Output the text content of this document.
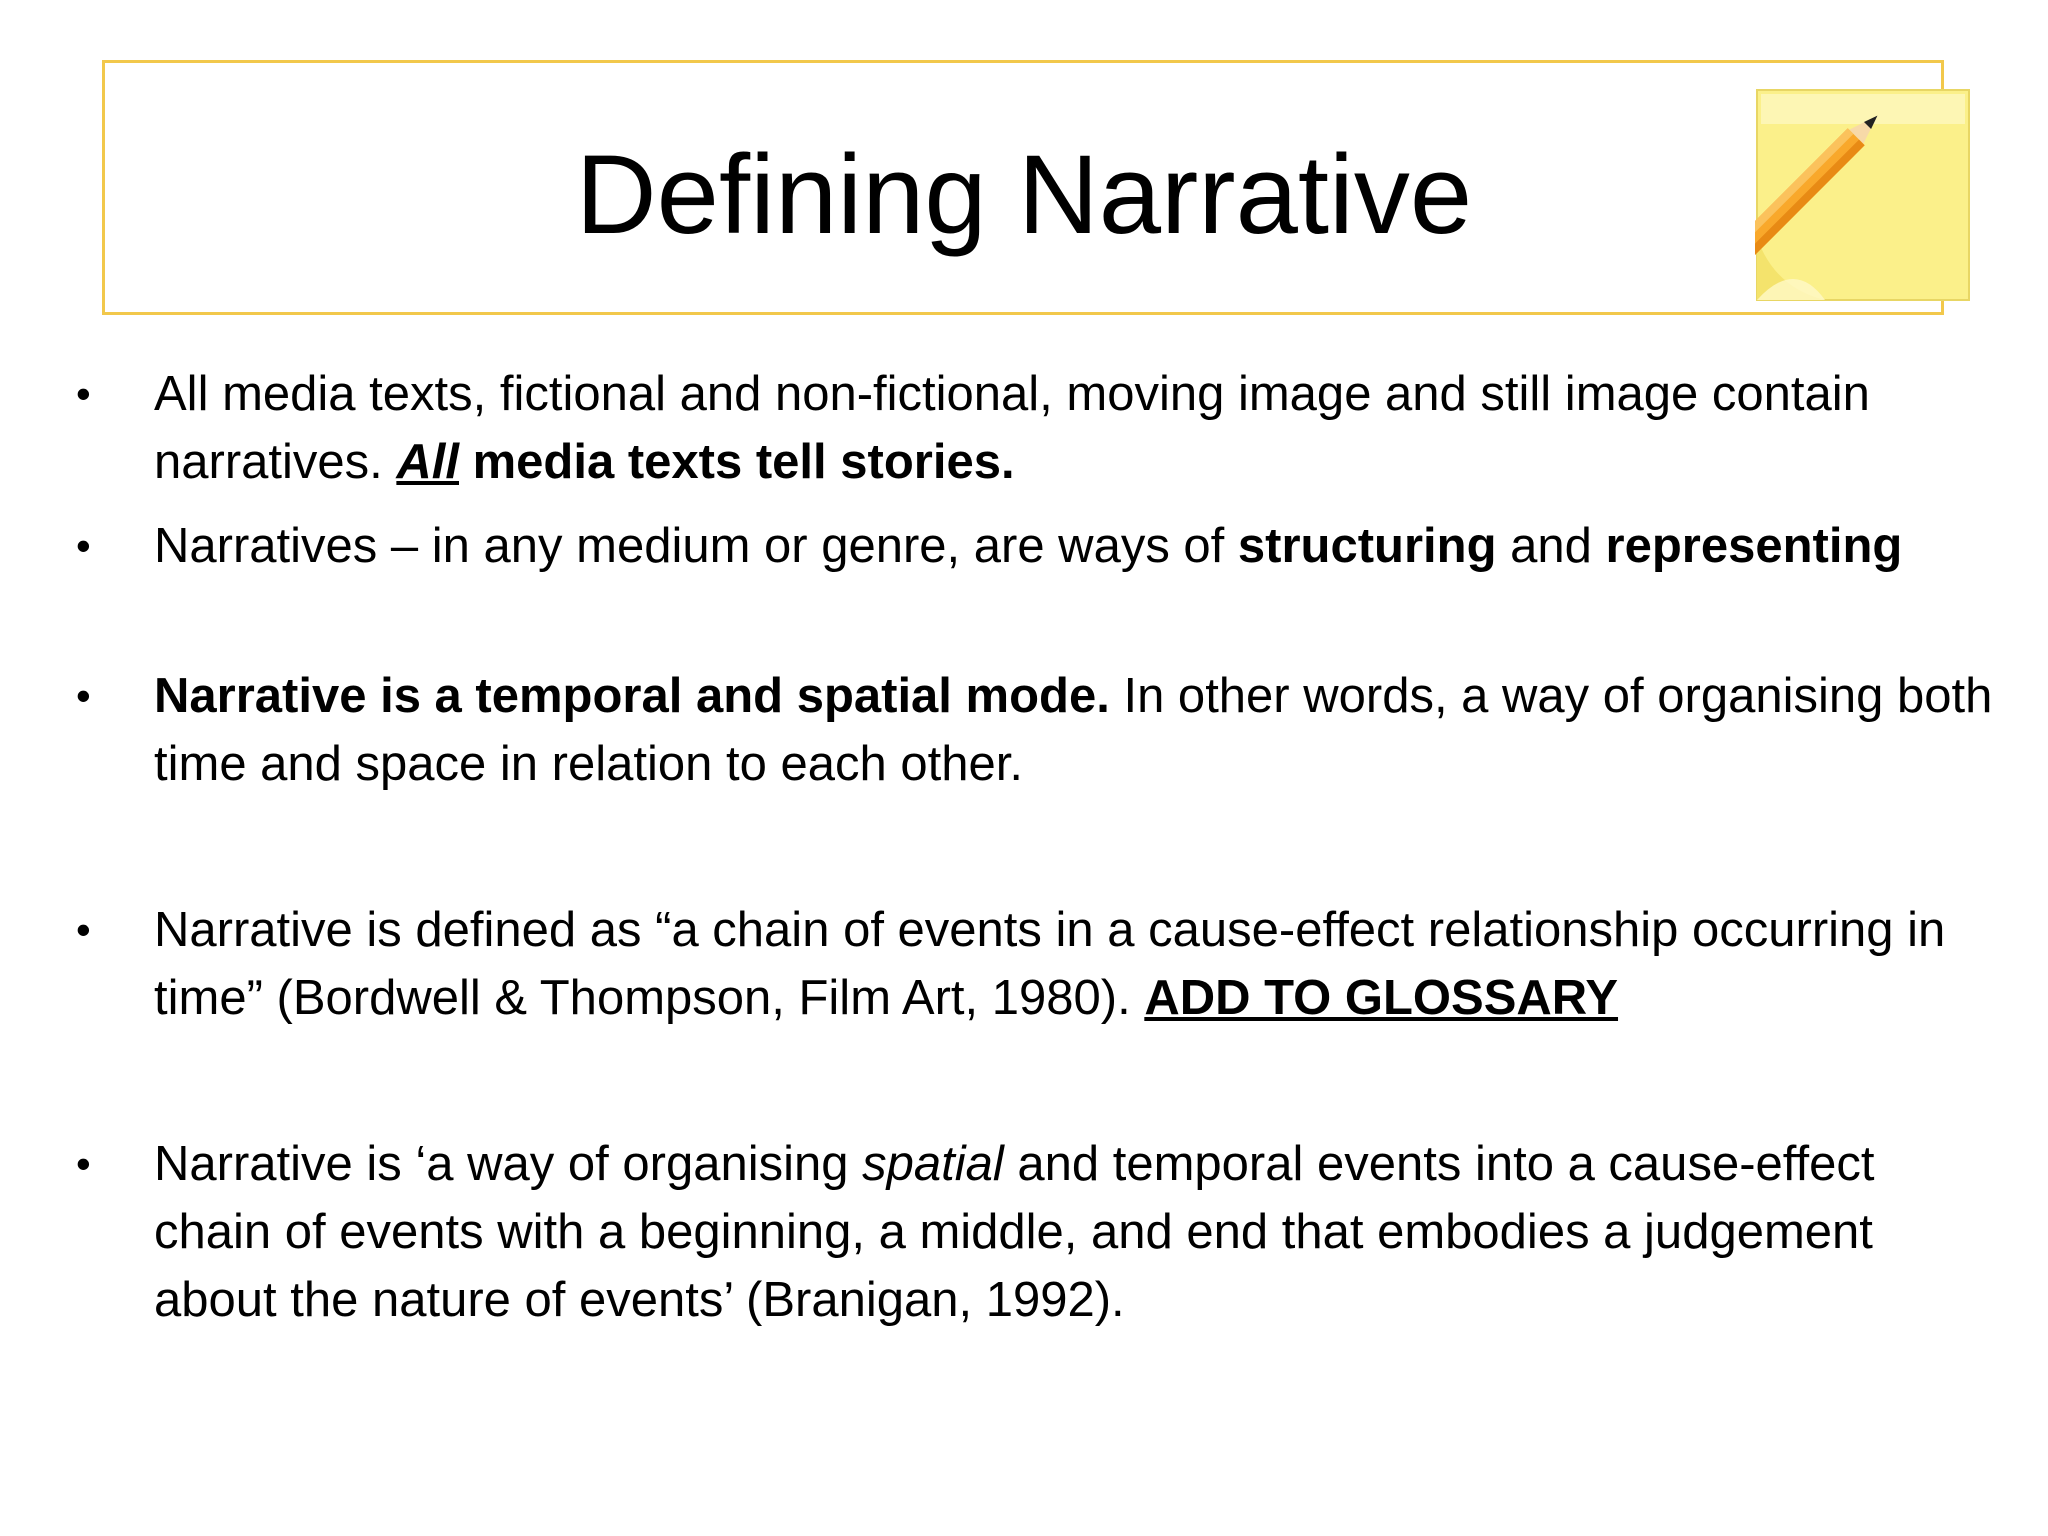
Defining Narrative
• All media texts, fictional and non-fictional, moving image and still image contain narratives. All media texts tell stories.
• Narratives – in any medium or genre, are ways of structuring and representing
• Narrative is a temporal and spatial mode. In other words, a way of organising both time and space in relation to each other.
• Narrative is defined as “a chain of events in a cause-effect relationship occurring in time” (Bordwell & Thompson, Film Art, 1980). ADD TO GLOSSARY
• Narrative is ‘a way of organising spatial and temporal events into a cause-effect chain of events with a beginning, a middle, and end that embodies a judgement about the nature of events’ (Branigan, 1992).
